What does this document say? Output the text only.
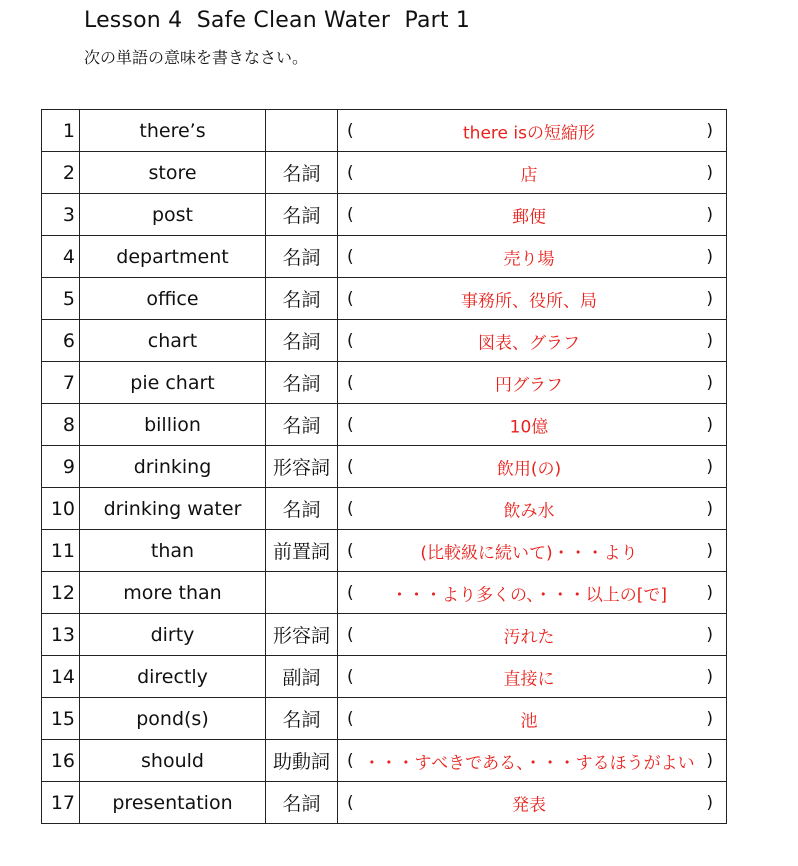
Lesson 4  Safe Clean Water  Part 1
次の単語の意味を書きなさい。
1	there’s		( there isの短縮形 )

2	store	名詞	( 店 )

3	post	名詞	( 郵便 )

4	department	名詞	( 売り場 )

5	office	名詞	( 事務所、役所、局 )

6	chart	名詞	( 図表、グラフ )

7	pie chart	名詞	( 円グラフ )

8	billion	名詞	( 10億 )

9	drinking	形容詞	( 飲用(の) )

10	drinking water	名詞	( 飲み水 )

11	than	前置詞	( (比較級に続いて)・・・より )

12	more than		( ・・・より多くの、・・・以上の[で] )

13	dirty	形容詞	( 汚れた )

14	directly	副詞	( 直接に )

15	pond(s)	名詞	( 池 )

16	should	助動詞	( ・・・すべきである、・・・するほうがよい )

17	presentation	名詞	( 発表 )
